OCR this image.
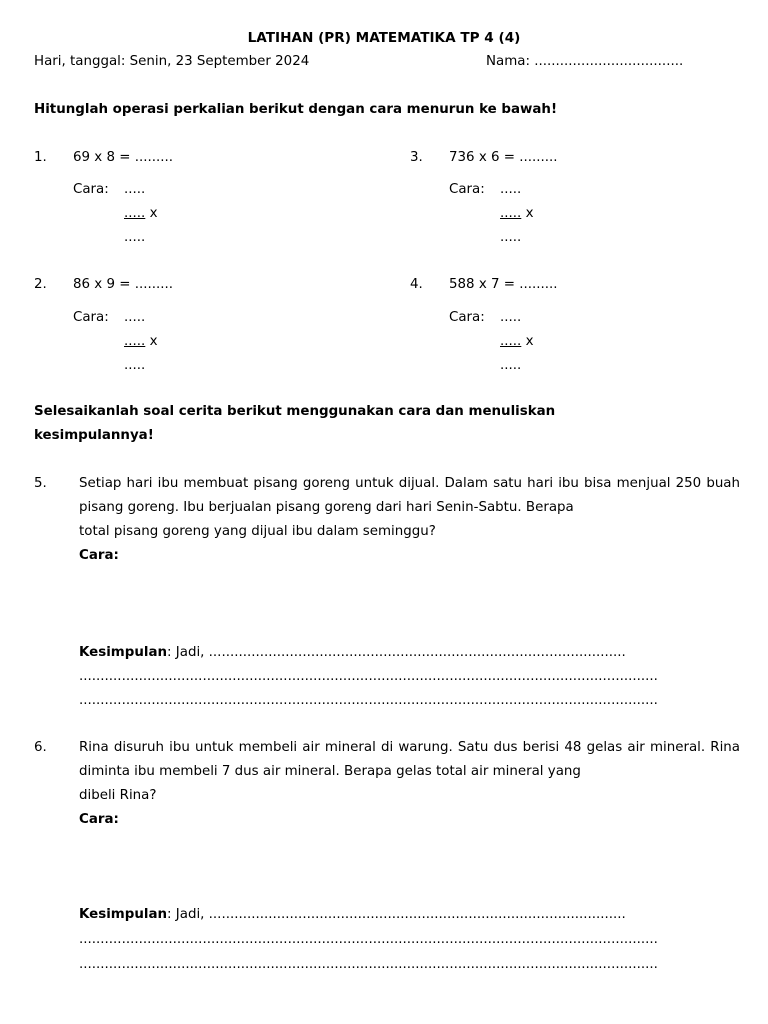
LATIHAN (PR) MATEMATIKA TP 4 (4)
Hari, tanggal: Senin, 23 September 2024	Nama: ...................................
Hitunglah operasi perkalian berikut dengan cara menurun ke bawah!
1. 69 x 8 = .........
Cara: .....
..... x
.....
3. 736 x 6 = .........
Cara: .....
..... x
.....
2. 86 x 9 = .........
Cara: .....
..... x
.....
4. 588 x 7 = .........
Cara: .....
..... x
.....
Selesaikanlah soal cerita berikut menggunakan cara dan menuliskan
kesimpulannya!
5. Setiap hari ibu membuat pisang goreng untuk dijual. Dalam satu hari ibu bisa menjual 250 buah pisang goreng. Ibu berjualan pisang goreng dari hari Senin-Sabtu. Berapa
total pisang goreng yang dijual ibu dalam seminggu?
Cara:
Kesimpulan: Jadi, ..................................................................................................
........................................................................................................................................
........................................................................................................................................
6. Rina disuruh ibu untuk membeli air mineral di warung. Satu dus berisi 48 gelas air mineral. Rina diminta ibu membeli 7 dus air mineral. Berapa gelas total air mineral yang
dibeli Rina?
Cara:
Kesimpulan: Jadi, ..................................................................................................
........................................................................................................................................
........................................................................................................................................
